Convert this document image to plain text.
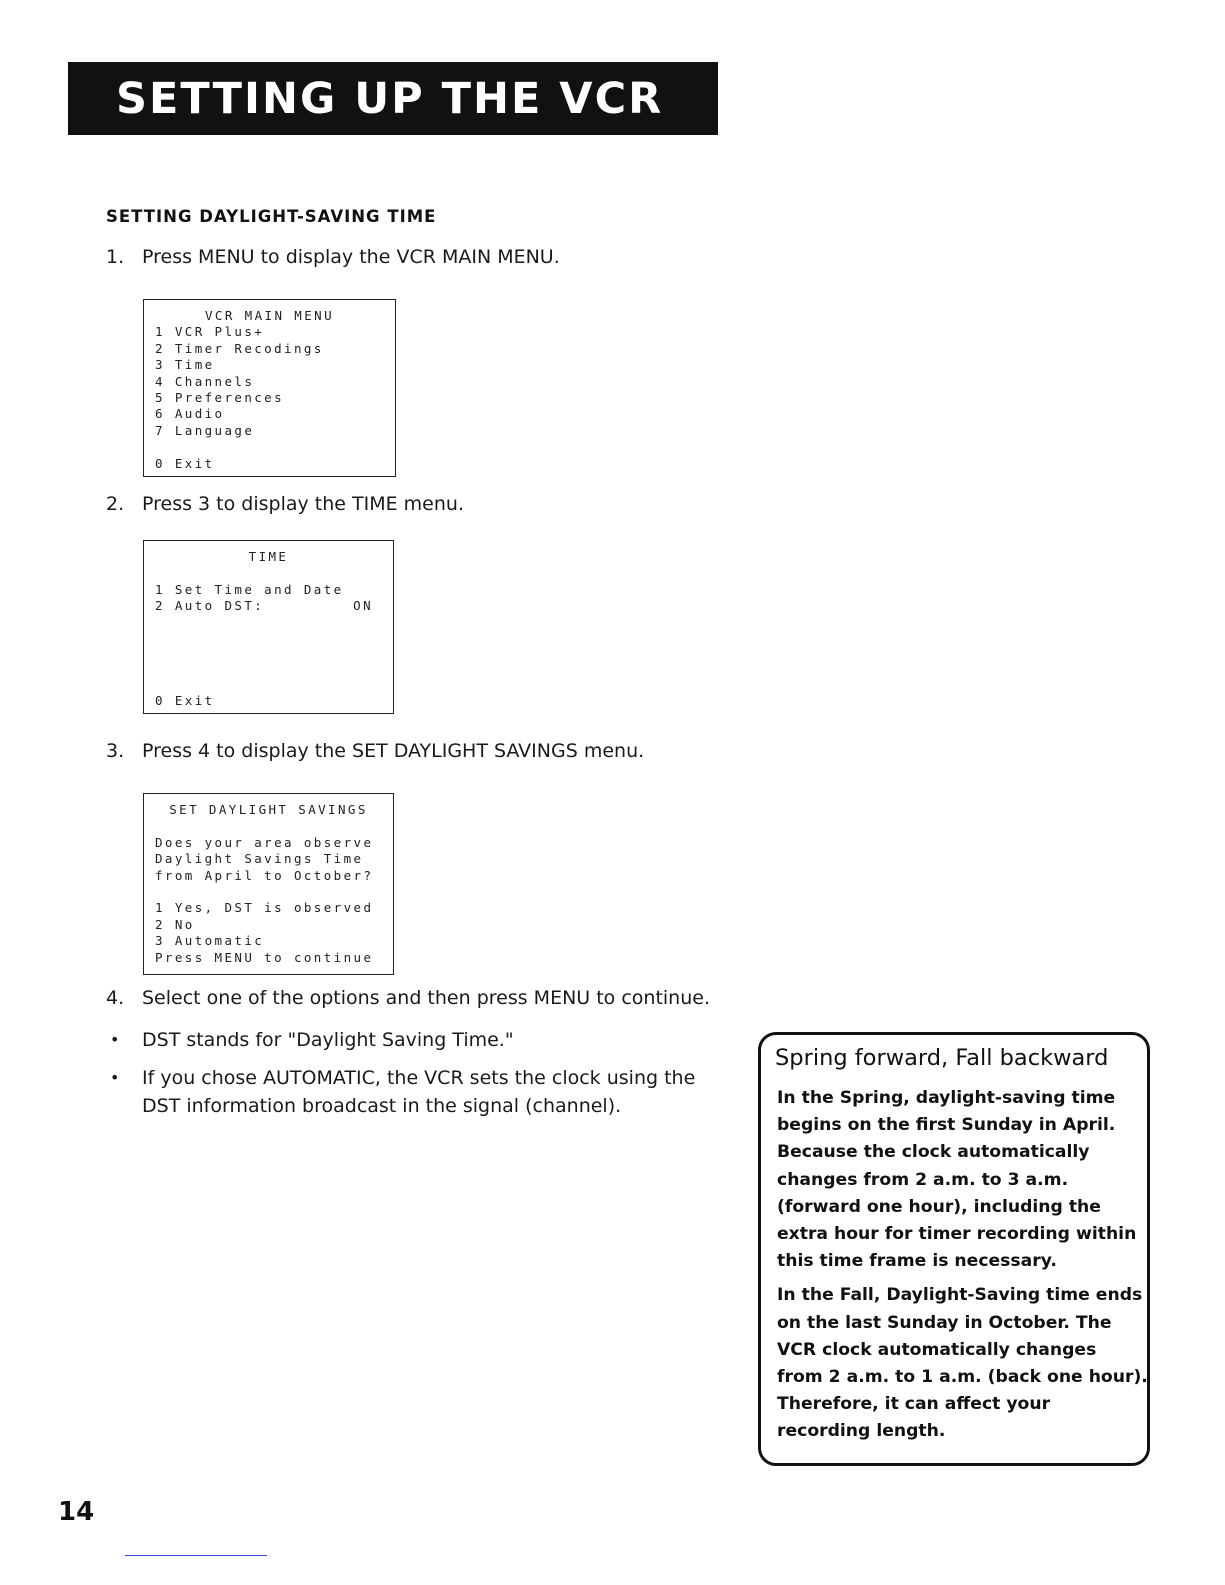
SETTING UP THE VCR
SETTING DAYLIGHT-SAVING TIME
1. Press MENU to display the VCR MAIN MENU.
VCR MAIN MENU
1 VCR Plus+
2 Timer Recodings
3 Time
4 Channels
5 Preferences
6 Audio
7 Language
0 Exit
2. Press 3 to display the TIME menu.
TIME
1 Set Time and Date
2 Auto DST:	ON
0 Exit
3. Press 4 to display the SET DAYLIGHT SAVINGS menu.
SET DAYLIGHT SAVINGS
Does your area observe
Daylight Savings Time
from April to October?
1 Yes, DST is observed
2 No
3 Automatic
Press MENU to continue
4. Select one of the options and then press MENU to continue.
•	DST stands for "Daylight Saving Time."
•	If you chose AUTOMATIC, the VCR sets the clock using the
DST information broadcast in the signal (channel).
Spring forward, Fall backward
In the Spring, daylight-saving time
begins on the first Sunday in April.
Because the clock automatically
changes from 2 a.m. to 3 a.m.
(forward one hour), including the
extra hour for timer recording within
this time frame is necessary.
In the Fall, Daylight-Saving time ends
on the last Sunday in October. The
VCR clock automatically changes
from 2 a.m. to 1 a.m. (back one hour).
Therefore, it can affect your
recording length.
14
